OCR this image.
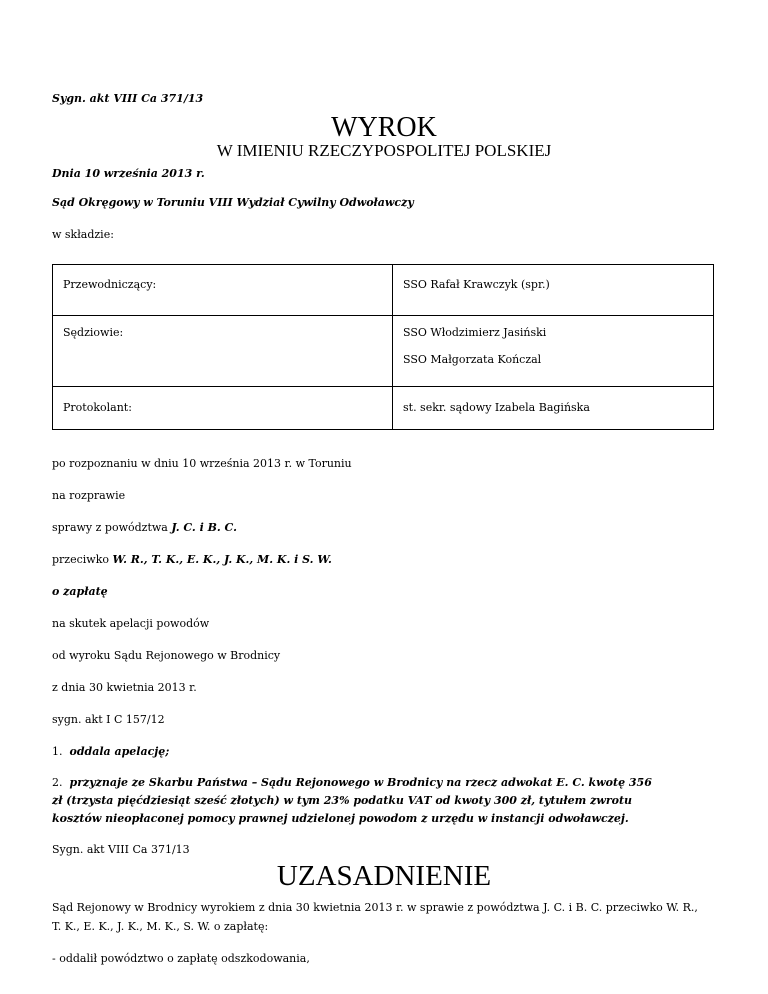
Sygn. akt VIII Ca 371/13
WYROK
W IMIENIU RZECZYPOSPOLITEJ POLSKIEJ
Dnia 10 września 2013 r.
Sąd Okręgowy w Toruniu VIII Wydział Cywilny Odwoławczy
w składzie:
Przewodniczący:	SSO Rafał Krawczyk (spr.)

Sędziowie:	SSO Włodzimierz Jasiński
SSO Małgorzata Kończal

Protokolant:	st. sekr. sądowy Izabela Bagińska
po rozpoznaniu w dniu 10 września 2013 r. w Toruniu
na rozprawie
sprawy z powództwa J. C. i B. C.
przeciwko W. R., T. K., E. K., J. K., M. K. i S. W.
o zapłatę
na skutek apelacji powodów
od wyroku Sądu Rejonowego w Brodnicy
z dnia 30 kwietnia 2013 r.
sygn. akt I C 157/12
1. oddala apelację;
2. przyznaje ze Skarbu Państwa – Sądu Rejonowego w Brodnicy na rzecz adwokat E. C. kwotę 356
zł (trzysta pięćdziesiąt sześć złotych) w tym 23% podatku VAT od kwoty 300 zł, tytułem zwrotu
kosztów nieopłaconej pomocy prawnej udzielonej powodom z urzędu w instancji odwoławczej.
Sygn. akt VIII Ca 371/13
UZASADNIENIE
Sąd Rejonowy w Brodnicy wyrokiem z dnia 30 kwietnia 2013 r. w sprawie z powództwa J. C. i B. C. przeciwko W. R.,
T. K., E. K., J. K., M. K., S. W. o zapłatę:
- oddalił powództwo o zapłatę odszkodowania,
